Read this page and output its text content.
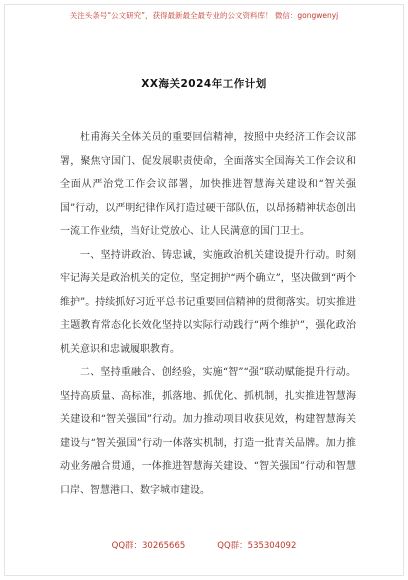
关注头条号“公文研究”，获得最新最全最专业的公文资料库！ 微信：gongwenyj
XX海关2024年工作计划

杜甫海关全体关员的重要回信精神，按照中央经济工作会议部署，聚焦守国门、促发展职责使命，全面落实全国海关工作会议和全面从严治党工作会议部署，加快推进智慧海关建设和“智关强国”行动，以严明纪律作风打造过硬干部队伍，以昂扬精神状态创出一流工作业绩，当好让党放心、让人民满意的国门卫士。

一、坚持讲政治、铸忠诚，实施政治机关建设提升行动。时刻牢记海关是政治机关的定位，坚定拥护“两个确立”，坚决做到“两个维护”。持续抓好习近平总书记重要回信精神的贯彻落实。切实推进主题教育常态化长效化坚持以实际行动践行“两个维护”，强化政治机关意识和忠诚履职教育。

二、坚持重融合、创经验，实施“智”“强”联动赋能提升行动。坚持高质量、高标准，抓落地、抓优化、抓机制，扎实推进智慧海关建设和“智关强国”行动。加力推动项目收获见效，构建智慧海关建设与“智关强国”行动一体落实机制，打造一批青关品牌。加力推动业务融合贯通，一体推进智慧海关建设、“智关强国”行动和智慧口岸、智慧港口、数字城市建设。

QQ群：30265665	QQ群：535304092
